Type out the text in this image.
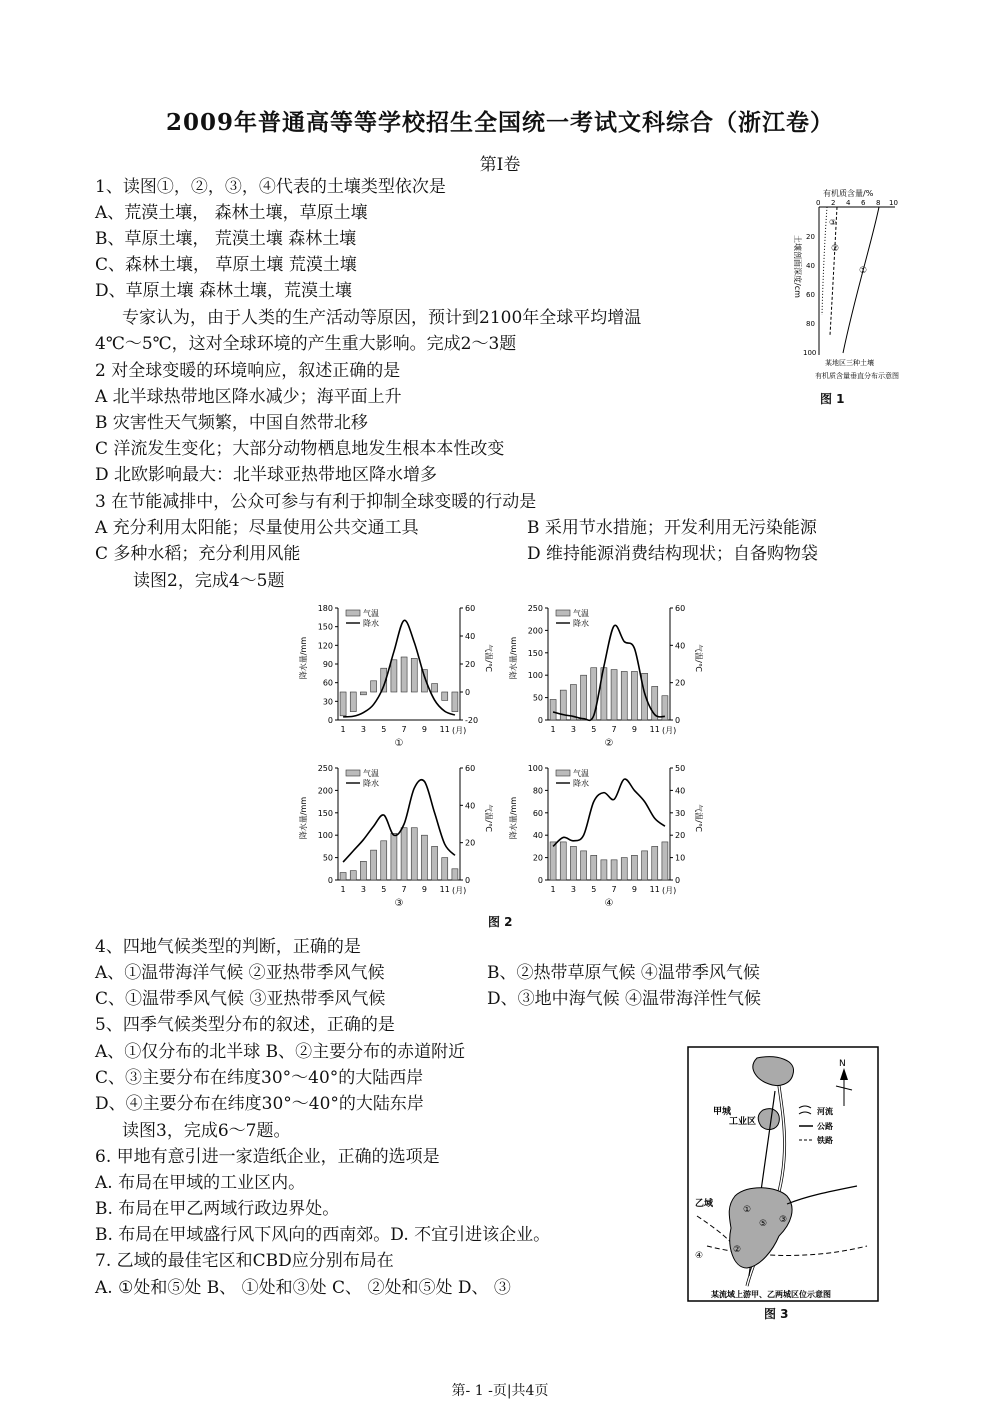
2009年普通高等等学校招生全国统一考试文科综合（浙江卷）
第Ⅰ卷
1、读图①，②，③，④代表的土壤类型依次是
A、荒漠土壤， 森林土壤，草原土壤
B、草原土壤， 荒漠土壤 森林土壤
C、森林土壤， 草原土壤 荒漠土壤
D、草原土壤 森林土壤，荒漠土壤
专家认为，由于人类的生产活动等原因，预计到2100年全球平均增温
4℃～5℃，这对全球环境的产生重大影响。完成2～3题
2 对全球变暖的环境响应，叙述正确的是
A 北半球热带地区降水减少；海平面上升
B 灾害性天气频繁，中国自然带北移
C 洋流发生变化；大部分动物栖息地发生根本本性改变
D 北欧影响最大：北半球亚热带地区降水增多
3 在节能减排中，公众可参与有利于抑制全球变暖的行动是
A 充分利用太阳能；尽量使用公共交通工具	B 采用节水措施；开发利用无污染能源
C 多种水稻；充分利用风能	D 维持能源消费结构现状；自备购物袋
读图2，完成4～5题
有机质含量/%
0 2 4 6 8 10
20
40
60
80
100
土壤剖面深度/cm	①
②
③
某地区三种土壤
有机质含量垂直分布示意图
图 1
0
30
60
90
120
150
180
-20
0
20
40
60
1 3 5 7 9 11 (月)
降水量/mm	气温/℃
气温
降水
①
0
50
100
150
200
250
0
20
40
60
1 3 5 7 9 11 (月)
降水量/mm	气温/℃
气温
降水
②
0
50
100
150
200
250
0
20
40
60
1 3 5 7 9 11 (月)
降水量/mm	气温/℃
气温
降水
③
0
20
40
60
80
100
0
10
20
30
40
50
1 3 5 7 9 11 (月)
降水量/mm	气温/℃
气温
降水
④
图 2
4、四地气候类型的判断，正确的是
A、①温带海洋气候 ②亚热带季风气候	B、②热带草原气候 ④温带季风气候
C、①温带季风气候 ③亚热带季风气候	D、③地中海气候 ④温带海洋性气候
5、四季气候类型分布的叙述，正确的是
A、①仅分布的北半球 B、②主要分布的赤道附近
C、③主要分布在纬度30°～40°的大陆西岸
D、④主要分布在纬度30°～40°的大陆东岸
读图3，完成6～7题。
6. 甲地有意引进一家造纸企业，正确的选项是
A. 布局在甲域的工业区内。
B. 布局在甲乙两域行政边界处。
B. 布局在甲域盛行风下风向的西南郊。D. 不宜引进该企业。
7. 乙域的最佳宅区和CBD应分别布局在
A. ①处和⑤处 B、 ①处和③处 C、 ②处和⑤处 D、 ③
N
甲城
工业区
乙域
①
②
③
④
⑤
河流
公路
铁路
某流域上游甲、乙两城区位示意图
图 3
第- 1 -页|共4页
